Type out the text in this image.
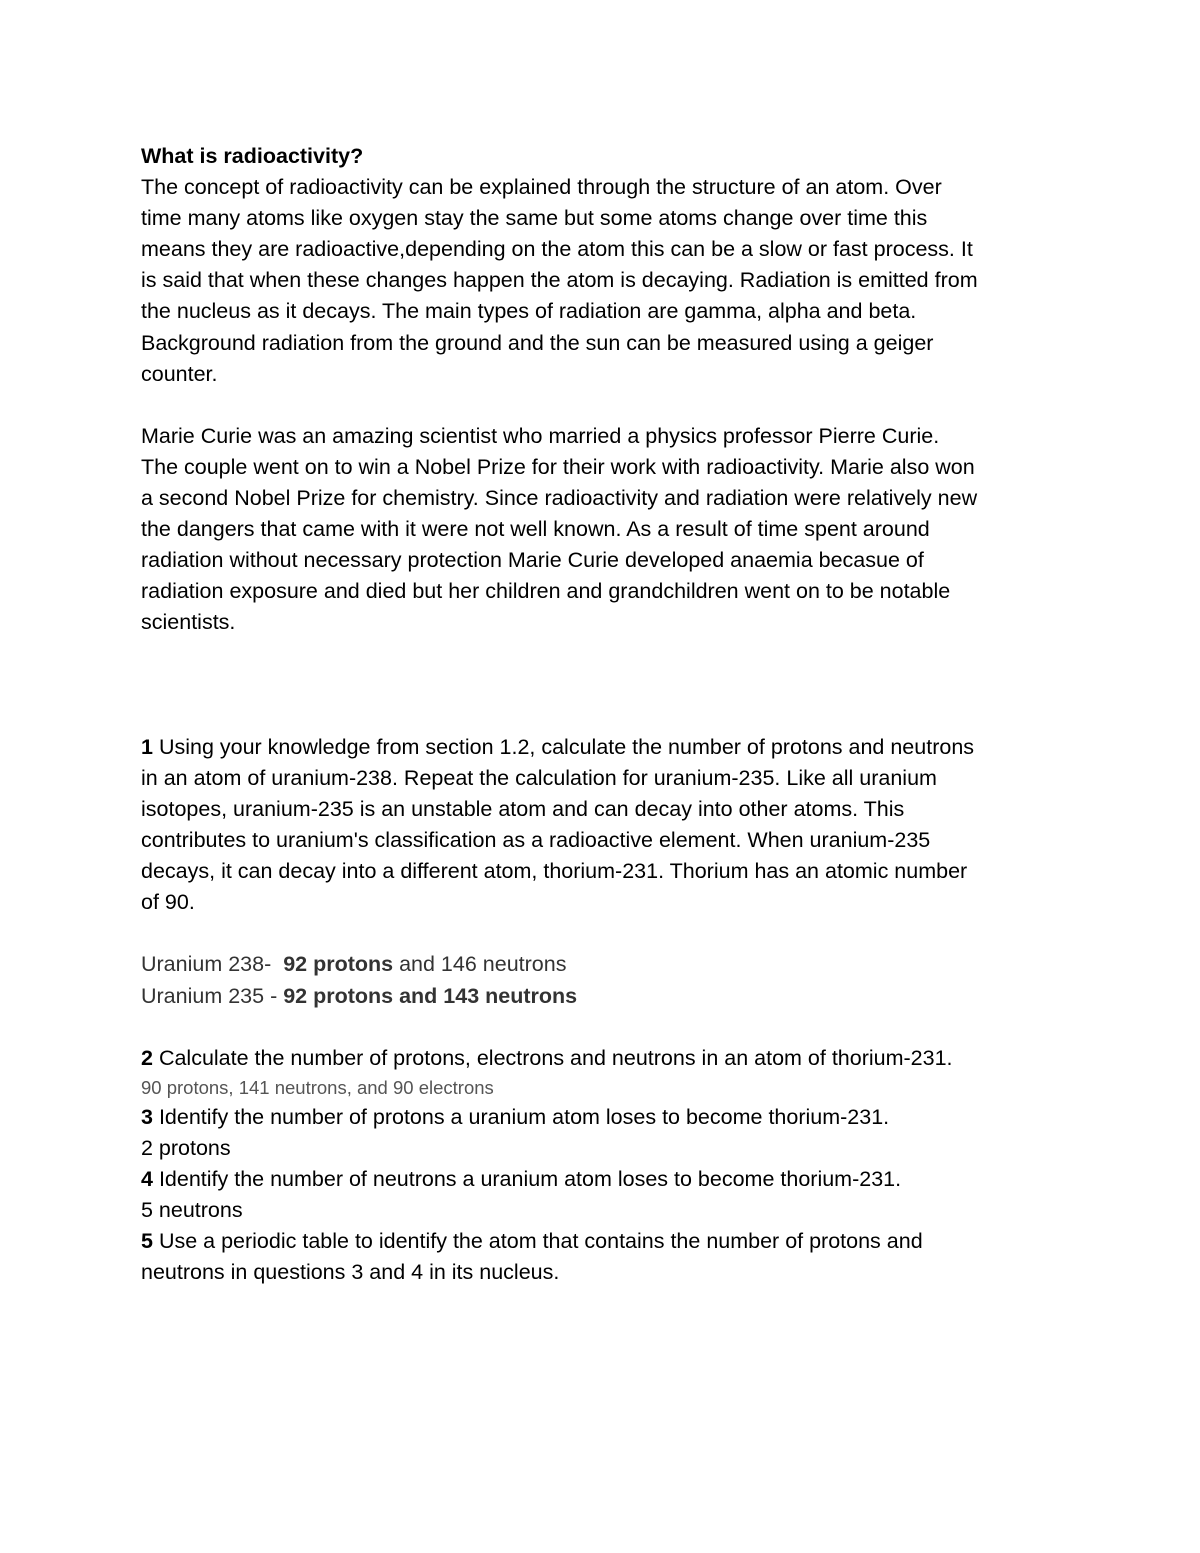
What is radioactivity?
The concept of radioactivity can be explained through the structure of an atom. Over
time many atoms like oxygen stay the same but some atoms change over time this
means they are radioactive,depending on the atom this can be a slow or fast process. It
is said that when these changes happen the atom is decaying. Radiation is emitted from
the nucleus as it decays. The main types of radiation are gamma, alpha and beta.
Background radiation from the ground and the sun can be measured using a geiger
counter.
Marie Curie was an amazing scientist who married a physics professor Pierre Curie.
The couple went on to win a Nobel Prize for their work with radioactivity. Marie also won
a second Nobel Prize for chemistry. Since radioactivity and radiation were relatively new
the dangers that came with it were not well known. As a result of time spent around
radiation without necessary protection Marie Curie developed anaemia becasue of
radiation exposure and died but her children and grandchildren went on to be notable
scientists.
1 Using your knowledge from section 1.2, calculate the number of protons and neutrons
in an atom of uranium-238. Repeat the calculation for uranium-235. Like all uranium
isotopes, uranium-235 is an unstable atom and can decay into other atoms. This
contributes to uranium's classification as a radioactive element. When uranium-235
decays, it can decay into a different atom, thorium-231. Thorium has an atomic number
of 90.
Uranium 238-  92 protons and 146 neutrons
Uranium 235 - 92 protons and 143 neutrons
2 Calculate the number of protons, electrons and neutrons in an atom of thorium-231.
90 protons, 141 neutrons, and 90 electrons
3 Identify the number of protons a uranium atom loses to become thorium-231.
2 protons
4 Identify the number of neutrons a uranium atom loses to become thorium-231.
5 neutrons
5 Use a periodic table to identify the atom that contains the number of protons and
neutrons in questions 3 and 4 in its nucleus.
